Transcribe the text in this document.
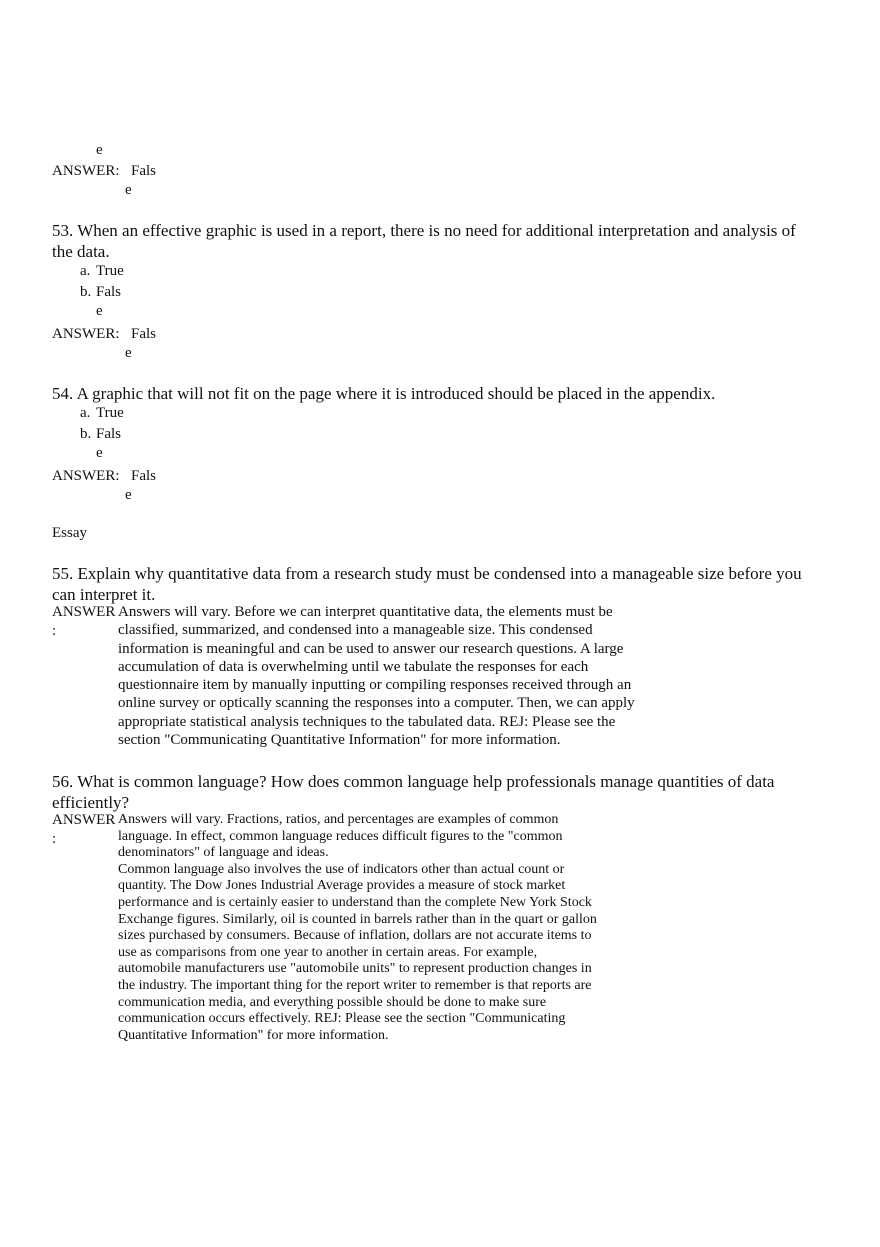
e
ANSWER: Fals
e
53. When an effective graphic is used in a report, there is no need for additional interpretation and analysis of
the data.
a. True
b. Fals
e
ANSWER: Fals
e
54. A graphic that will not fit on the page where it is introduced should be placed in the appendix.
a. True
b. Fals
e
ANSWER: Fals
e
Essay
55. Explain why quantitative data from a research study must be condensed into a manageable size before you
can interpret it.
ANSWER
:
Answers will vary. Before we can interpret quantitative data, the elements must be
classified, summarized, and condensed into a manageable size. This condensed
information is meaningful and can be used to answer our research questions. A large
accumulation of data is overwhelming until we tabulate the responses for each
questionnaire item by manually inputting or compiling responses received through an
online survey or optically scanning the responses into a computer. Then, we can apply
appropriate statistical analysis techniques to the tabulated data. REJ: Please see the
section "Communicating Quantitative Information" for more information.
56. What is common language? How does common language help professionals manage quantities of data
efficiently?
ANSWER
:
Answers will vary. Fractions, ratios, and percentages are examples of common
language. In effect, common language reduces difficult figures to the "common
denominators" of language and ideas.
Common language also involves the use of indicators other than actual count or
quantity. The Dow Jones Industrial Average provides a measure of stock market
performance and is certainly easier to understand than the complete New York Stock
Exchange figures. Similarly, oil is counted in barrels rather than in the quart or gallon
sizes purchased by consumers. Because of inflation, dollars are not accurate items to
use as comparisons from one year to another in certain areas. For example,
automobile manufacturers use "automobile units" to represent production changes in
the industry. The important thing for the report writer to remember is that reports are
communication media, and everything possible should be done to make sure
communication occurs effectively. REJ: Please see the section "Communicating
Quantitative Information" for more information.
